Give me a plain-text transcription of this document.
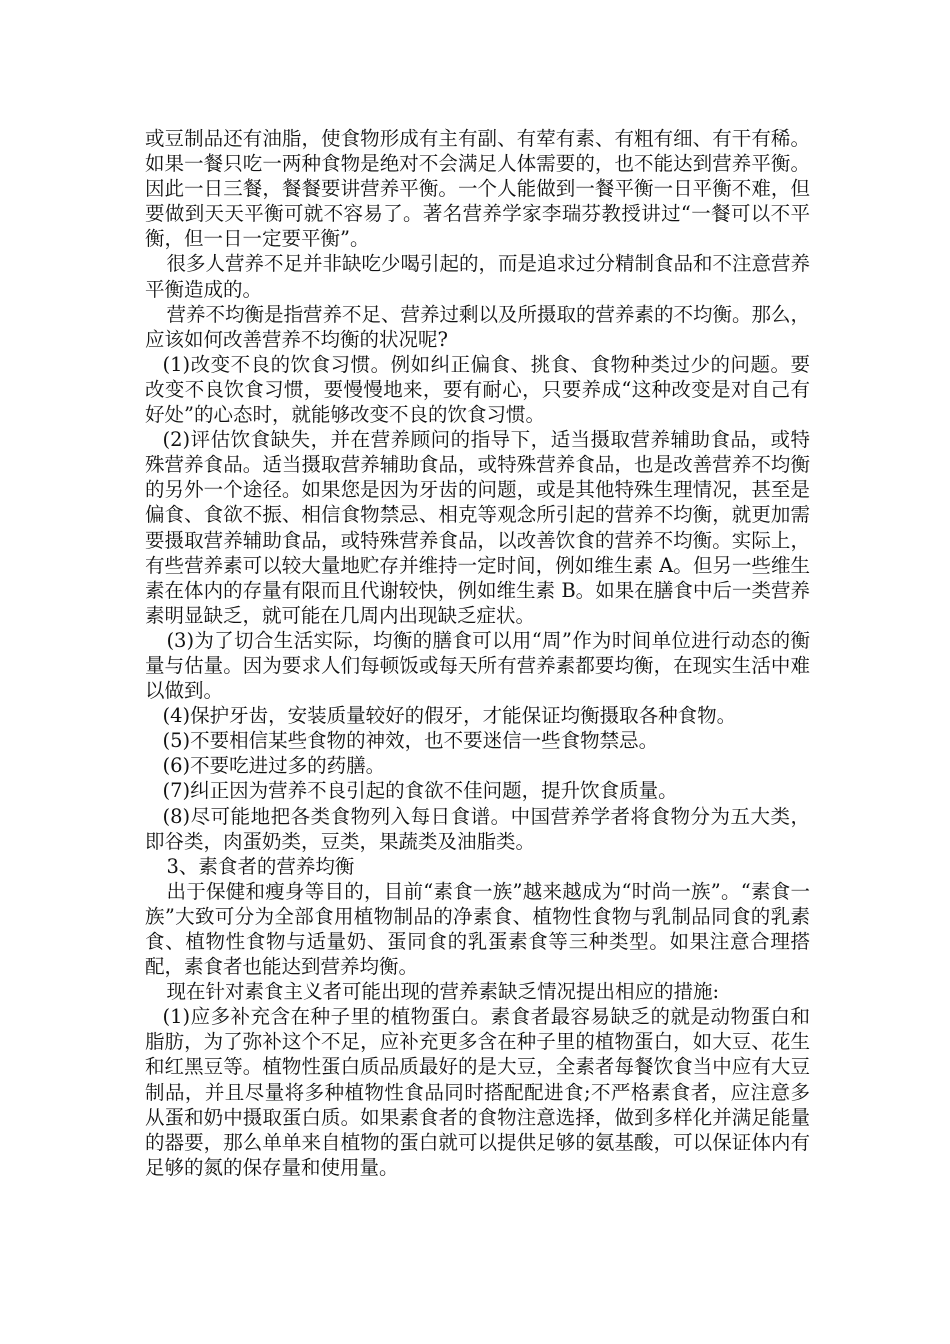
或豆制品还有油脂，使食物形成有主有副、有荤有素、有粗有细、有干有稀。如果一餐只吃一两种食物是绝对不会满足人体需要的，也不能达到营养平衡。因此一日三餐，餐餐要讲营养平衡。一个人能做到一餐平衡一日平衡不难，但要做到天天平衡可就不容易了。著名营养学家李瑞芬教授讲过“一餐可以不平衡，但一日一定要平衡”。

很多人营养不足并非缺吃少喝引起的，而是追求过分精制食品和不注意营养平衡造成的。

营养不均衡是指营养不足、营养过剩以及所摄取的营养素的不均衡。那么，应该如何改善营养不均衡的状况呢?

(1)改变不良的饮食习惯。例如纠正偏食、挑食、食物种类过少的问题。要改变不良饮食习惯，要慢慢地来，要有耐心，只要养成“这种改变是对自己有好处”的心态时，就能够改变不良的饮食习惯。

(2)评估饮食缺失，并在营养顾问的指导下，适当摄取营养辅助食品，或特殊营养食品。适当摄取营养辅助食品，或特殊营养食品，也是改善营养不均衡的另外一个途径。如果您是因为牙齿的问题，或是其他特殊生理情况，甚至是偏食、食欲不振、相信食物禁忌、相克等观念所引起的营养不均衡，就更加需要摄取营养辅助食品，或特殊营养食品，以改善饮食的营养不均衡。实际上，有些营养素可以较大量地贮存并维持一定时间，例如维生素 A。但另一些维生素在体内的存量有限而且代谢较快，例如维生素 B。如果在膳食中后一类营养素明显缺乏，就可能在几周内出现缺乏症状。

(3)为了切合生活实际，均衡的膳食可以用“周”作为时间单位进行动态的衡量与估量。因为要求人们每顿饭或每天所有营养素都要均衡，在现实生活中难以做到。

(4)保护牙齿，安装质量较好的假牙，才能保证均衡摄取各种食物。

(5)不要相信某些食物的神效，也不要迷信一些食物禁忌。

(6)不要吃进过多的药膳。

(7)纠正因为营养不良引起的食欲不佳问题，提升饮食质量。

(8)尽可能地把各类食物列入每日食谱。中国营养学者将食物分为五大类，即谷类，肉蛋奶类，豆类，果蔬类及油脂类。

3、素食者的营养均衡

出于保健和瘦身等目的，目前“素食一族”越来越成为“时尚一族”。“素食一族”大致可分为全部食用植物制品的净素食、植物性食物与乳制品同食的乳素食、植物性食物与适量奶、蛋同食的乳蛋素食等三种类型。如果注意合理搭配，素食者也能达到营养均衡。

现在针对素食主义者可能出现的营养素缺乏情况提出相应的措施:

(1)应多补充含在种子里的植物蛋白。素食者最容易缺乏的就是动物蛋白和脂肪，为了弥补这个不足，应补充更多含在种子里的植物蛋白，如大豆、花生和红黑豆等。植物性蛋白质品质最好的是大豆，全素者每餐饮食当中应有大豆制品，并且尽量将多种植物性食品同时搭配配进食;不严格素食者，应注意多从蛋和奶中摄取蛋白质。如果素食者的食物注意选择，做到多样化并满足能量的器要，那么单单来自植物的蛋白就可以提供足够的氨基酸，可以保证体内有足够的氮的保存量和使用量。
